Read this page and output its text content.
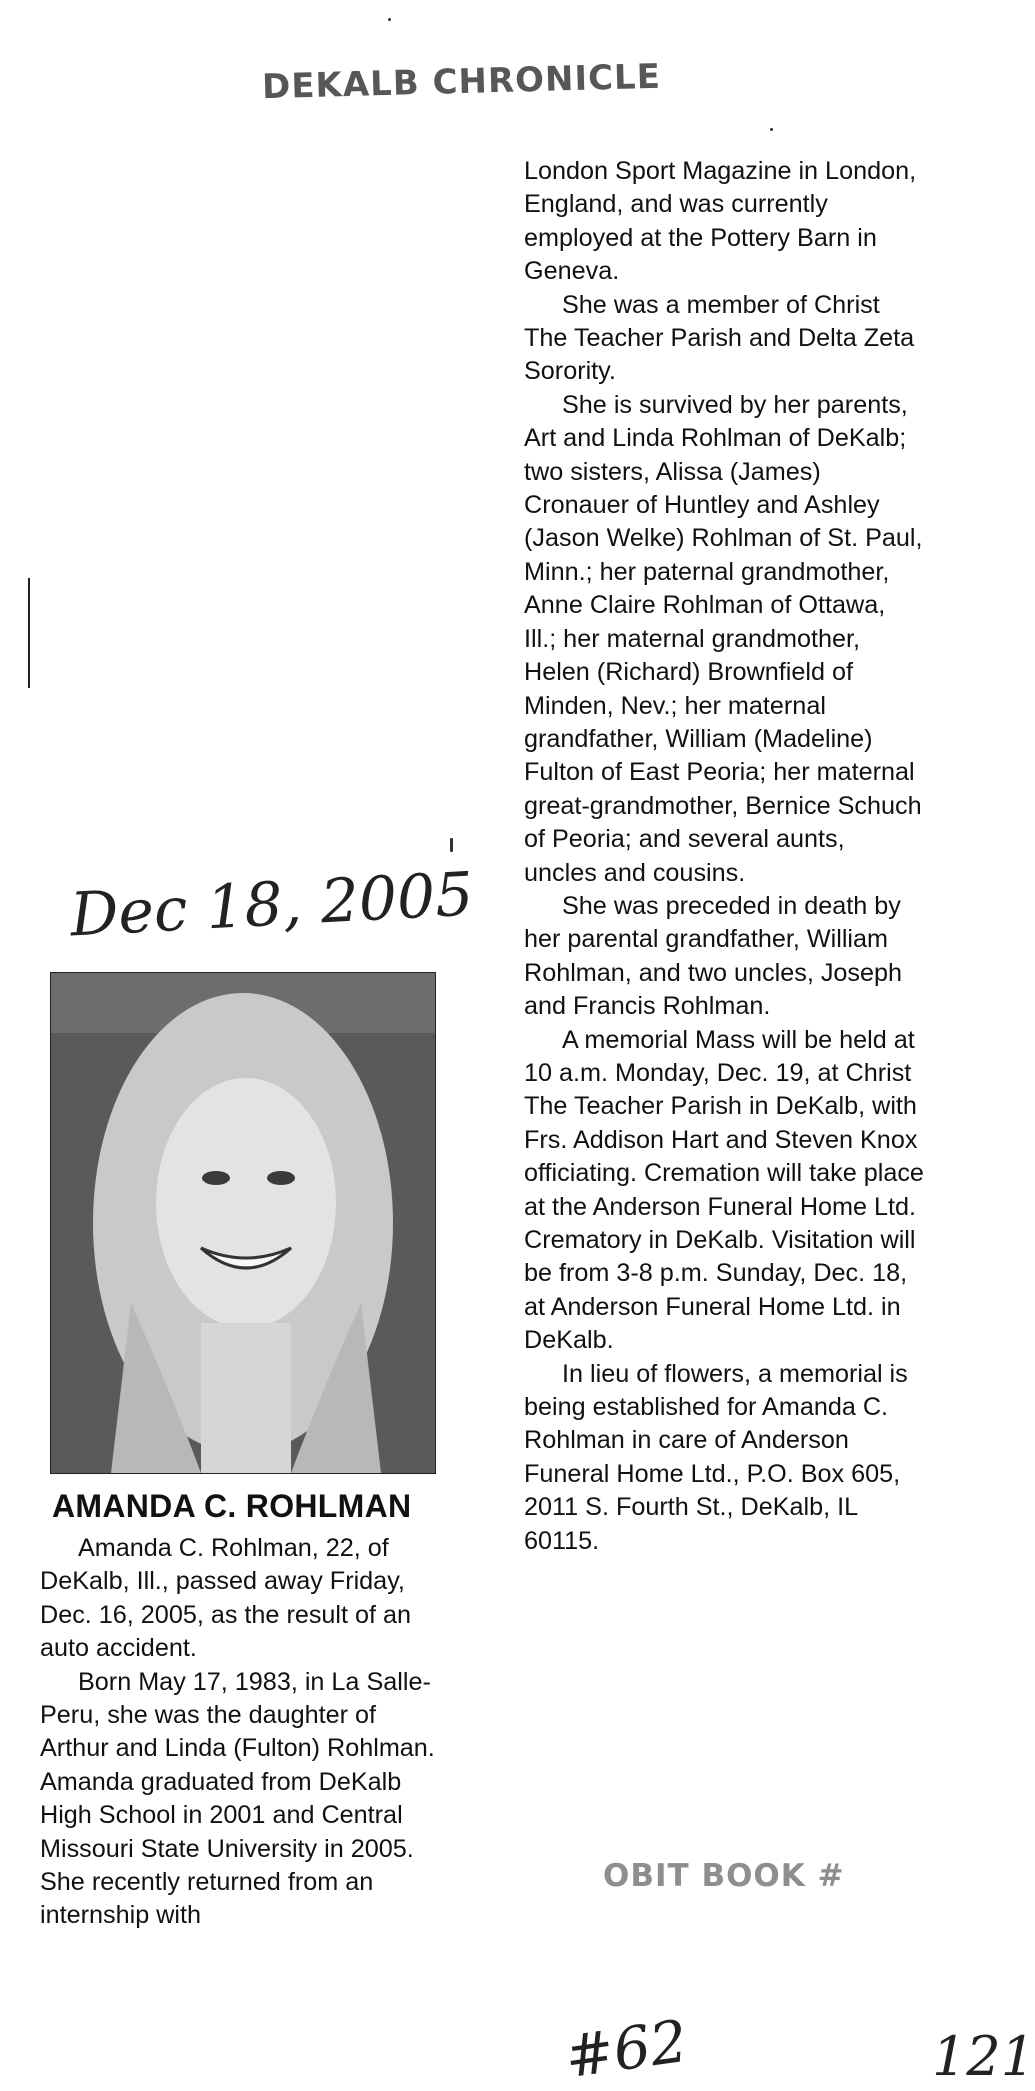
DEKALB CHRONICLE
Dec 18, 2005
AMANDA C. ROHLMAN

Amanda C. Rohlman, 22, of DeKalb, Ill., passed away Friday, Dec. 16, 2005, as the result of an auto accident.

Born May 17, 1983, in La Salle-Peru, she was the daughter of Arthur and Linda (Fulton) Rohlman. Amanda graduated from DeKalb High School in 2001 and Central Missouri State University in 2005. She recently returned from an internship with

London Sport Magazine in London, England, and was currently employed at the Pottery Barn in Geneva.

She was a member of Christ The Teacher Parish and Delta Zeta Sorority.

She is survived by her parents, Art and Linda Rohlman of DeKalb; two sisters, Alissa (James) Cronauer of Huntley and Ashley (Jason Welke) Rohlman of St. Paul, Minn.; her paternal grandmother, Anne Claire Rohlman of Ottawa, Ill.; her maternal grandmother, Helen (Richard) Brownfield of Minden, Nev.; her maternal grandfather, William (Madeline) Fulton of East Peoria; her maternal great-grandmother, Bernice Schuch of Peoria; and several aunts, uncles and cousins.

She was preceded in death by her parental grandfather, William Rohlman, and two uncles, Joseph and Francis Rohlman.

A memorial Mass will be held at 10 a.m. Monday, Dec. 19, at Christ The Teacher Parish in DeKalb, with Frs. Addison Hart and Steven Knox officiating. Cremation will take place at the Anderson Funeral Home Ltd. Crematory in DeKalb. Visitation will be from 3-8 p.m. Sunday, Dec. 18, at Anderson Funeral Home Ltd. in DeKalb.

In lieu of flowers, a memorial is being established for Amanda C. Rohlman in care of Anderson Funeral Home Ltd., P.O. Box 605, 2011 S. Fourth St., DeKalb, IL 60115.

OBIT BOOK #
#62	121
